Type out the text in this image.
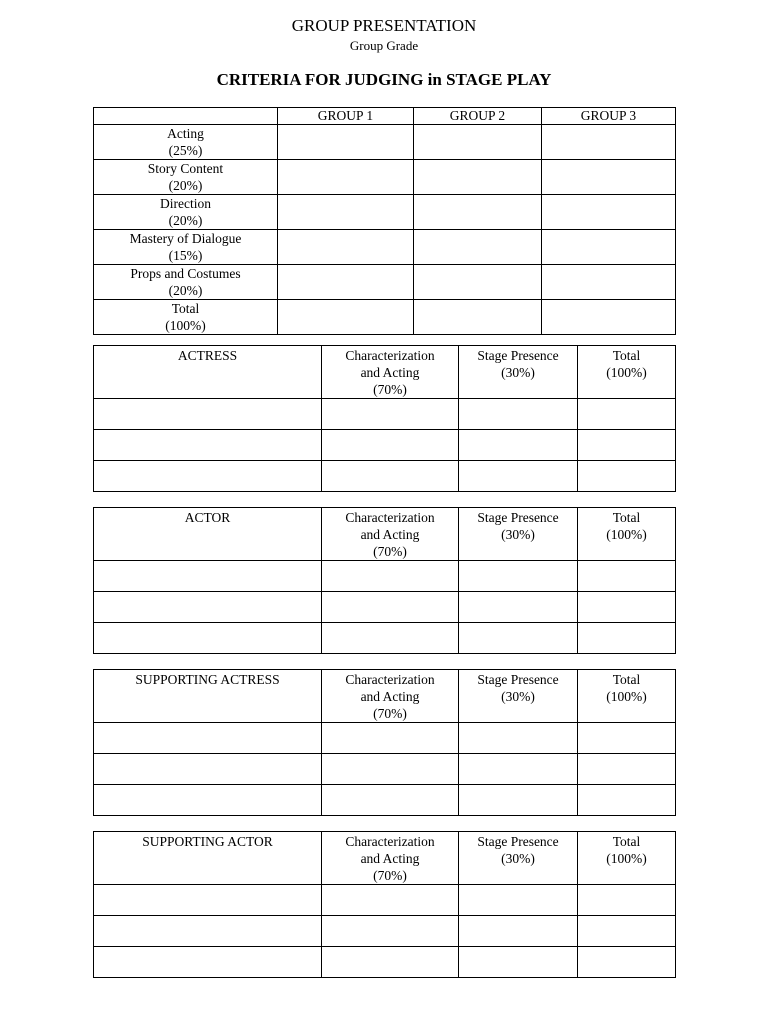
GROUP PRESENTATION
Group Grade
CRITERIA FOR JUDGING in STAGE PLAY
	GROUP 1	GROUP 2	GROUP 3

Acting
(25%)			

Story Content
(20%)			

Direction
(20%)			

Mastery of Dialogue
(15%)			

Props and Costumes
(20%)			

Total
(100%)			

ACTRESS	Characterization
and Acting
(70%)	Stage Presence
(30%)	Total
(100%)

ACTOR	Characterization
and Acting
(70%)	Stage Presence
(30%)	Total
(100%)

SUPPORTING ACTRESS	Characterization
and Acting
(70%)	Stage Presence
(30%)	Total
(100%)

SUPPORTING ACTOR	Characterization
and Acting
(70%)	Stage Presence
(30%)	Total
(100%)
